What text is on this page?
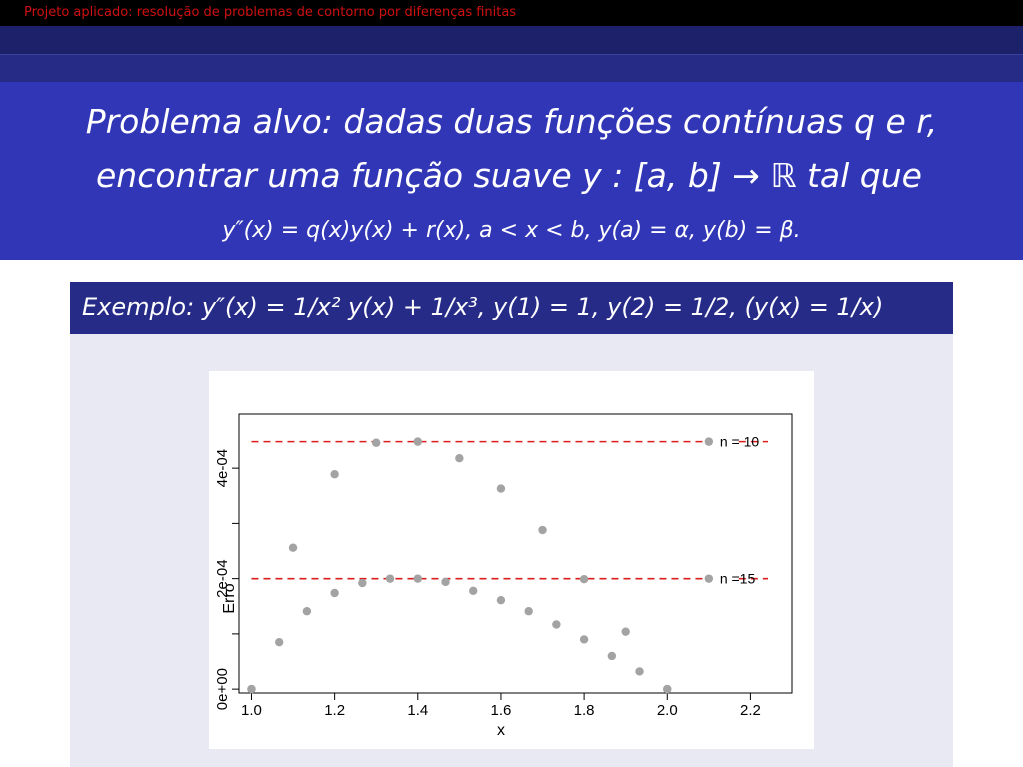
Projeto aplicado: resolução de problemas de contorno por diferenças finitas
Problema alvo: dadas duas funções contínuas q e r,
encontrar uma função suave y : [a, b] → ℝ tal que
y″(x) = q(x)y(x) + r(x), a < x < b, y(a) = α, y(b) = β.
Exemplo: y″(x) = 1/x² y(x) + 1/x³, y(1) = 1, y(2) = 1/2, (y(x) = 1/x)
1.0	1.2	1.4	1.6	1.8	2.0	2.2
x
0e+00
2e-04
4e-04
Erro
n = 10
n =15
